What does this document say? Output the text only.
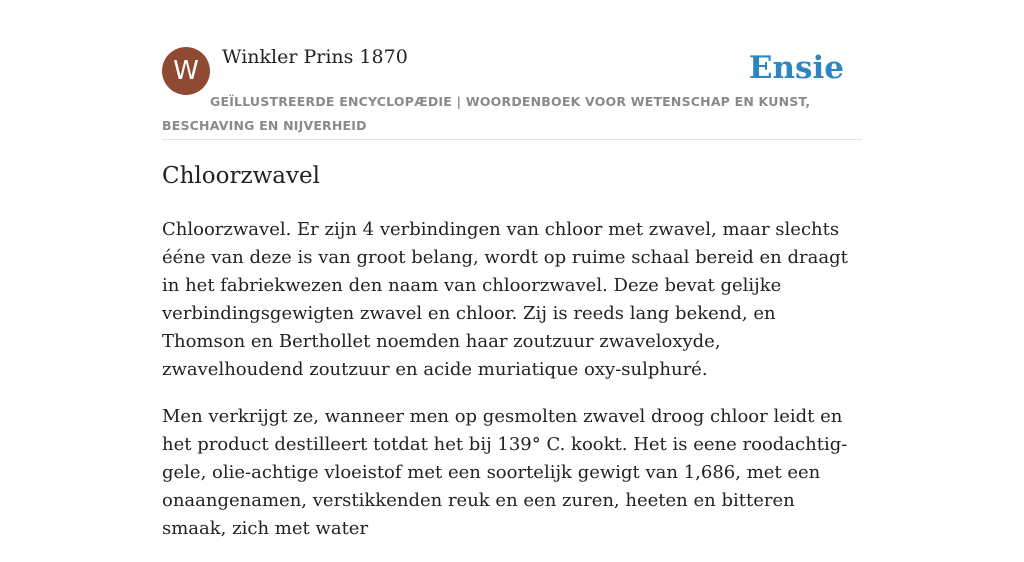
W	Winkler Prins 1870
GEÏLLUSTREERDE ENCYCLOPÆDIE | WOORDENBOEK VOOR WETENSCHAP EN KUNST, BESCHAVING EN NIJVERHEID
Ensie
Chloorzwavel

Chloorzwavel. Er zijn 4 verbindingen van chloor met zwavel, maar slechts ééne van deze is van groot belang, wordt op ruime schaal bereid en draagt in het fabriekwezen den naam van chloorzwavel. Deze bevat gelijke verbindingsgewigten zwavel en chloor. Zij is reeds lang bekend, en Thomson en Berthollet noemden haar zoutzuur zwaveloxyde, zwavelhoudend zoutzuur en acide muriatique oxy-sulphuré.

Men verkrijgt ze, wanneer men op gesmolten zwavel droog chloor leidt en het product destilleert totdat het bij 139° C. kookt. Het is eene roodachtig-gele, olie-achtige vloeistof met een soortelijk gewigt van 1,686, met een onaangenamen, verstikkenden reuk en een zuren, heeten en bitteren smaak, zich met water
